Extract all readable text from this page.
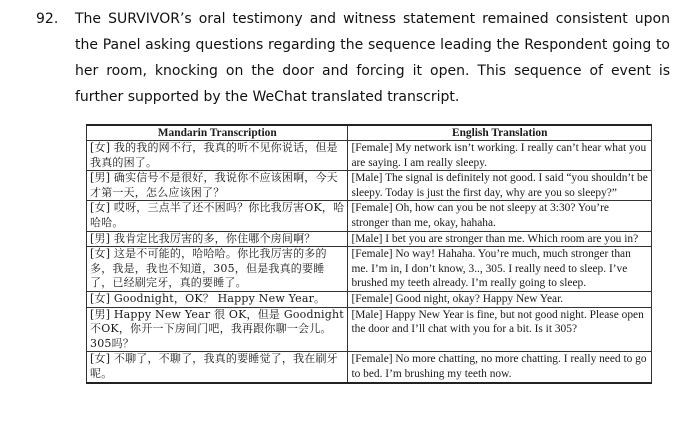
92.	The SURVIVOR’s oral testimony and witness statement remained consistent upon
the Panel asking questions regarding the sequence leading the Respondent going to
her room, knocking on the door and forcing it open. This sequence of event is
further supported by the WeChat translated transcript.
Mandarin Transcription	English Translation
[女] 我的我的网不行，我真的听不见你说话，但是我真的困了。	[Female] My network isn’t working. I really can’t hear what you are saying. I am really sleepy.
[男] 确实信号不是很好，我说你不应该困啊，今天才第一天，怎么应该困了？	[Male] The signal is definitely not good. I said “you shouldn’t be sleepy. Today is just the first day, why are you so sleepy?”
[女] 哎呀，三点半了还不困吗？你比我厉害OK，哈哈哈。	[Female] Oh, how can you be not sleepy at 3:30? You’re stronger than me, okay, hahaha.
[男] 我肯定比我厉害的多，你住哪个房间啊？	[Male] I bet you are stronger than me. Which room are you in?
[女] 这是不可能的，哈哈哈。你比我厉害的多的多，我是，我也不知道，305，但是我真的要睡了，已经刷完牙，真的要睡了。	[Female] No way! Hahaha. You’re much, much stronger than me. I’m in, I don’t know, 3.., 305. I really need to sleep. I’ve brushed my teeth already. I’m really going to sleep.
[女] Goodnight，OK？ Happy New Year。	[Female] Good night, okay? Happy New Year.
[男] Happy New Year 很 OK，但是 Goodnight 不OK，你开一下房间门吧，我再跟你聊一会儿。305吗？	[Male] Happy New Year is fine, but not good night. Please open the door and I’ll chat with you for a bit. Is it 305?
[女] 不聊了，不聊了，我真的要睡觉了，我在刷牙呢。	[Female] No more chatting, no more chatting. I really need to go to bed. I’m brushing my teeth now.
